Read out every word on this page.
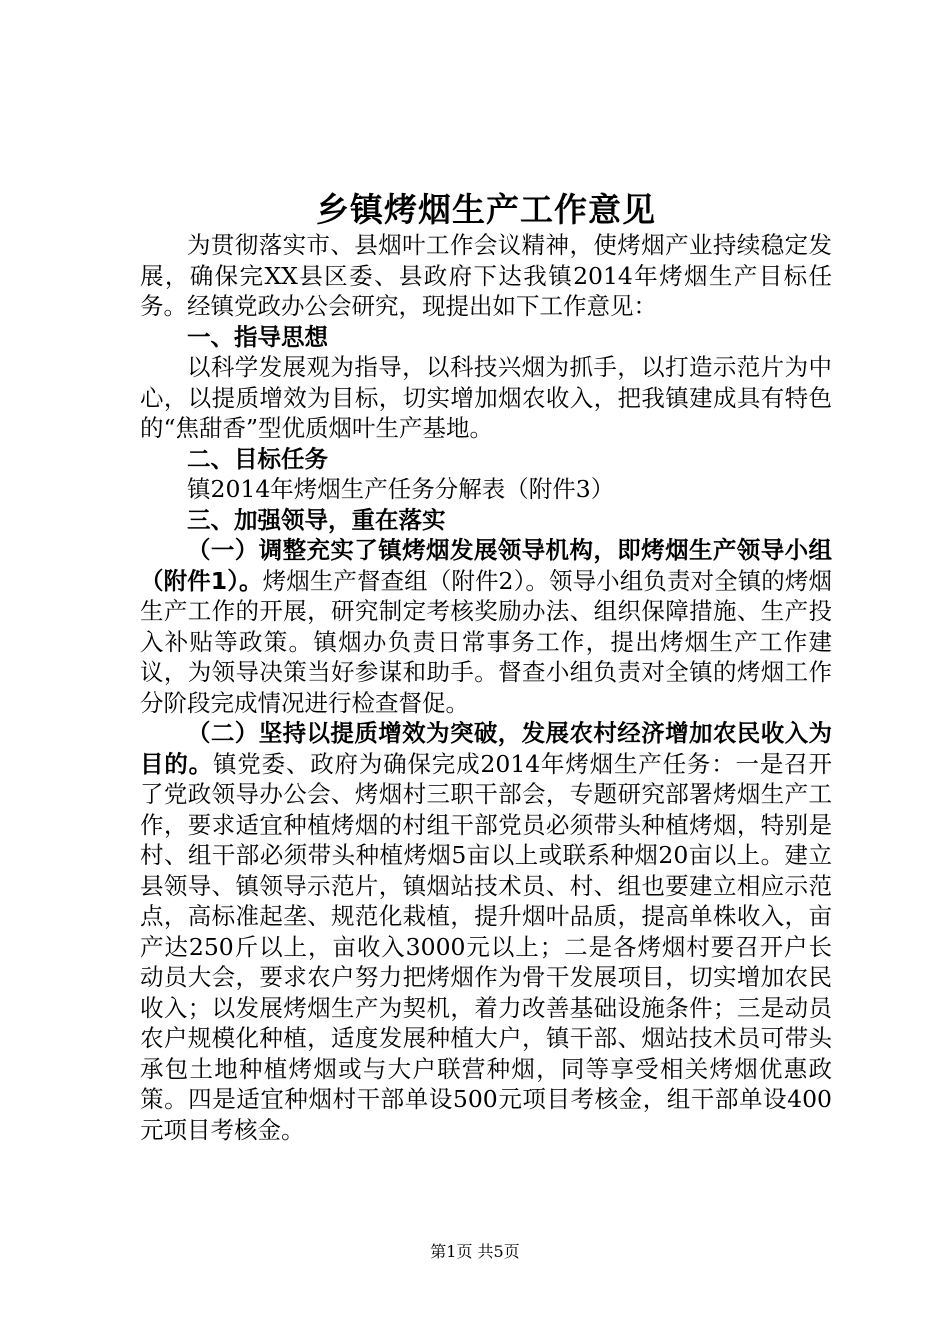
乡镇烤烟生产工作意见

为贯彻落实市、县烟叶工作会议精神，使烤烟产业持续稳定发展，确保完XX县区委、县政府下达我镇2014年烤烟生产目标任务。经镇党政办公会研究，现提出如下工作意见：

一、指导思想

以科学发展观为指导，以科技兴烟为抓手，以打造示范片为中心，以提质增效为目标，切实增加烟农收入，把我镇建成具有特色的“焦甜香”型优质烟叶生产基地。

二、目标任务

镇2014年烤烟生产任务分解表（附件3）

三、加强领导，重在落实

（一）调整充实了镇烤烟发展领导机构，即烤烟生产领导小组（附件1）。烤烟生产督查组（附件2）。领导小组负责对全镇的烤烟生产工作的开展，研究制定考核奖励办法、组织保障措施、生产投入补贴等政策。镇烟办负责日常事务工作，提出烤烟生产工作建议，为领导决策当好参谋和助手。督查小组负责对全镇的烤烟工作分阶段完成情况进行检查督促。

（二）坚持以提质增效为突破，发展农村经济增加农民收入为目的。镇党委、政府为确保完成2014年烤烟生产任务：一是召开了党政领导办公会、烤烟村三职干部会，专题研究部署烤烟生产工作，要求适宜种植烤烟的村组干部党员必须带头种植烤烟，特别是村、组干部必须带头种植烤烟5亩以上或联系种烟20亩以上。建立县领导、镇领导示范片，镇烟站技术员、村、组也要建立相应示范点，高标准起垄、规范化栽植，提升烟叶品质，提高单株收入，亩产达250斤以上，亩收入3000元以上；二是各烤烟村要召开户长动员大会，要求农户努力把烤烟作为骨干发展项目，切实增加农民收入；以发展烤烟生产为契机，着力改善基础设施条件；三是动员农户规模化种植，适度发展种植大户，镇干部、烟站技术员可带头承包土地种植烤烟或与大户联营种烟，同等享受相关烤烟优惠政策。四是适宜种烟村干部单设500元项目考核金，组干部单设400元项目考核金。

第1页 共5页
